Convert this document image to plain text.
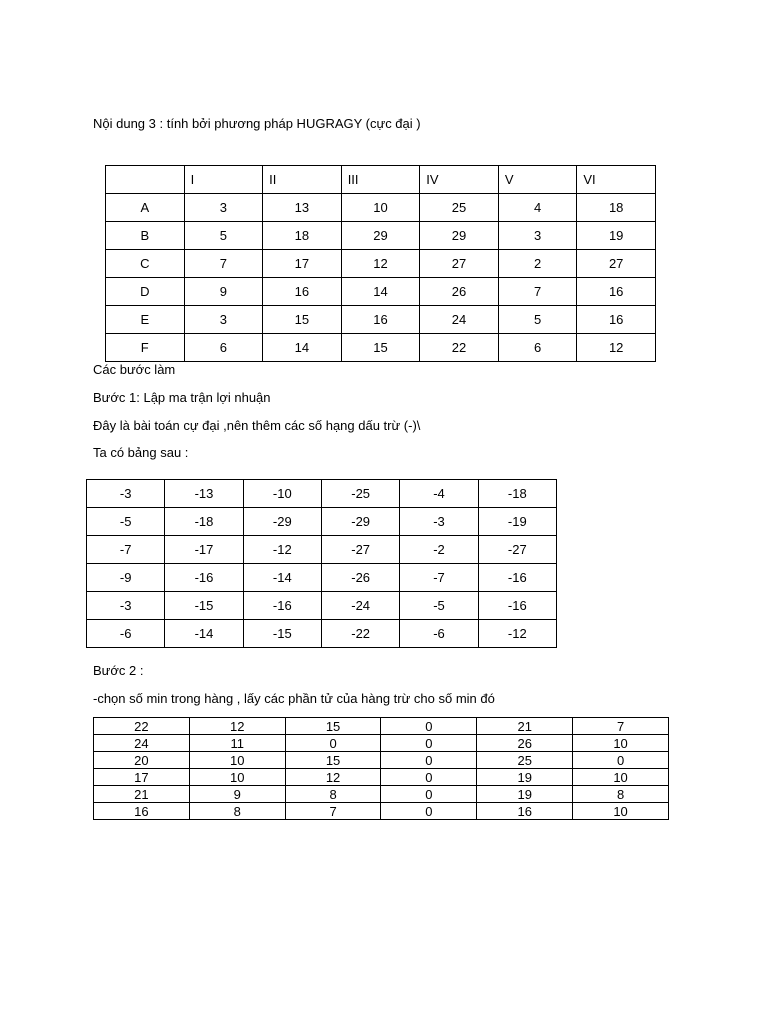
Nội dung 3 : tính bởi phương pháp HUGRAGY (cực đại )

	I	II	III	IV	V	VI
A	3	13	10	25	4	18
B	5	18	29	29	3	19
C	7	17	12	27	2	27
D	9	16	14	26	7	16
E	3	15	16	24	5	16
F	6	14	15	22	6	12

Các bước làm

Bước 1: Lập ma trận lợi nhuận

Đây là bài toán cự đại ,nên thêm các số hạng dấu trừ (-)\

Ta có bảng sau :

-3	-13	-10	-25	-4	-18
-5	-18	-29	-29	-3	-19
-7	-17	-12	-27	-2	-27
-9	-16	-14	-26	-7	-16
-3	-15	-16	-24	-5	-16
-6	-14	-15	-22	-6	-12

Bước 2 :

-chọn số min trong hàng , lấy các phần tử của hàng trừ cho số min đó

22	12	15	0	21	7
24	11	0	0	26	10
20	10	15	0	25	0
17	10	12	0	19	10
21	9	8	0	19	8
16	8	7	0	16	10
